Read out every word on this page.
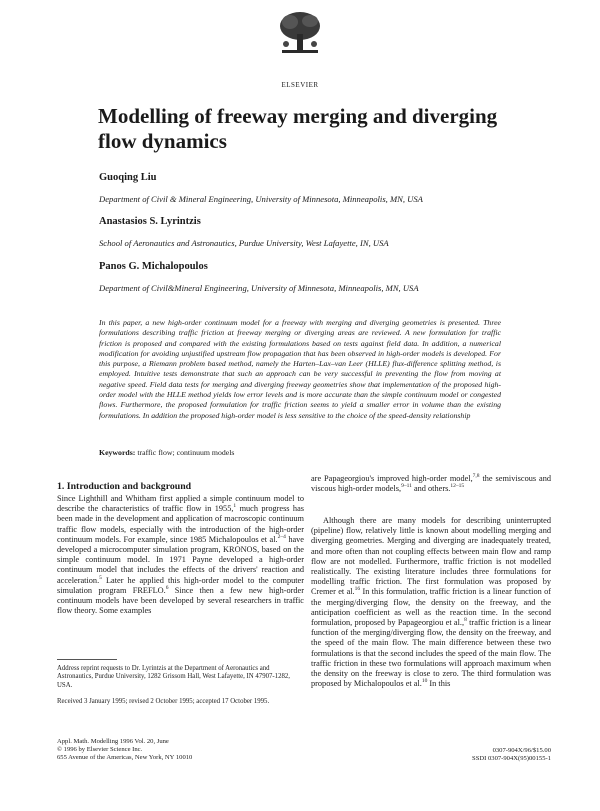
ELSEVIER
Modelling of freeway merging and diverging flow dynamics
Guoqing Liu
Department of Civil & Mineral Engineering, University of Minnesota, Minneapolis, MN, USA
Anastasios S. Lyrintzis
School of Aeronautics and Astronautics, Purdue University, West Lafayette, IN, USA
Panos G. Michalopoulos
Department of Civil&Mineral Engineering, University of Minnesota, Minneapolis, MN, USA

In this paper, a new high-order continuum model for a freeway with merging and diverging geometries is presented. Three formulations describing traffic friction at freeway merging or diverging areas are reviewed. A new formulation for traffic friction is proposed and compared with the existing formulations based on tests against field data. In addition, a numerical modification for avoiding unjustified upstream flow propagation that has been observed in high-order models is developed. For this purpose, a Riemann problem based method, namely the Harten–Lax–van Leer (HLLE) flux-difference splitting method, is employed. Intuitive tests demonstrate that such an approach can be very successful in preventing the flow from moving at negative speed. Field data tests for merging and diverging freeway geometries show that implementation of the proposed high-order model with the HLLE method yields low error levels and is more accurate than the simple continuum model or congested flows. Furthermore, the proposed formulation for traffic friction seems to yield a smaller error in volume than the existing formulations. In addition the proposed high-order model is less sensitive to the choice of the speed-density relationship

Keywords: traffic flow; continuum models
1. Introduction and background

Since Lighthill and Whitham first applied a simple continuum model to describe the characteristics of traffic flow in 1955,$^1$ much progress has been made in the development and application of macroscopic continuum traffic flow models, especially with the introduction of the high-order continuum models. For example, since 1985 Michalopoulos et al.$^{2-4}$ have developed a microcomputer simulation program, KRONOS, based on the simple continuum model. In 1971 Payne developed a high-order continuum model that includes the effects of the drivers' reaction and acceleration.$^5$ Later he applied this high-order model to the computer simulation program FREFLO.$^6$ Since then a few new high-order continuum models have been developed by several researchers in traffic flow theory. Some examples

Address reprint requests to Dr. Lyrintzis at the Department of Aeronautics and Astronautics, Purdue University, 1282 Grissom Hall, West Lafayette, IN 47907-1282, USA.

Received 3 January 1995; revised 2 October 1995; accepted 17 October 1995.

are Papageorgiou's improved high-order model,$^{7,8}$ the semiviscous and viscous high-order models,$^{9-11}$ and others.$^{12-15}$

Although there are many models for describing uninterrupted (pipeline) flow, relatively little is known about modelling merging and diverging geometries. Merging and diverging are inadequately treated, and more often than not coupling effects between main flow and ramp flow are not modelled. Furthermore, traffic friction is not modelled realistically. The existing literature includes three formulations for modelling traffic friction. The first formulation was proposed by Cremer et al.$^{16}$ In this formulation, traffic friction is a linear function of the merging/diverging flow, the density on the freeway, and the anticipation coefficient as well as the reaction time. In the second formulation, proposed by Papageorgiou et al.,$^8$ traffic friction is a linear function of the merging/diverging flow, the density on the freeway, and the speed of the main flow. The main difference between these two formulations is that the second includes the speed of the main flow. The traffic friction in these two formulations will approach maximum when the density on the freeway is close to zero. The third formulation was proposed by Michalopoulos et al.$^{10}$ In this

Appl. Math. Modelling 1996 Vol. 20, June
© 1996 by Elsevier Science Inc.
655 Avenue of the Americas, New York, NY 10010

0307-904X/96/$15.00
SSDI 0307-904X(95)00155-1
